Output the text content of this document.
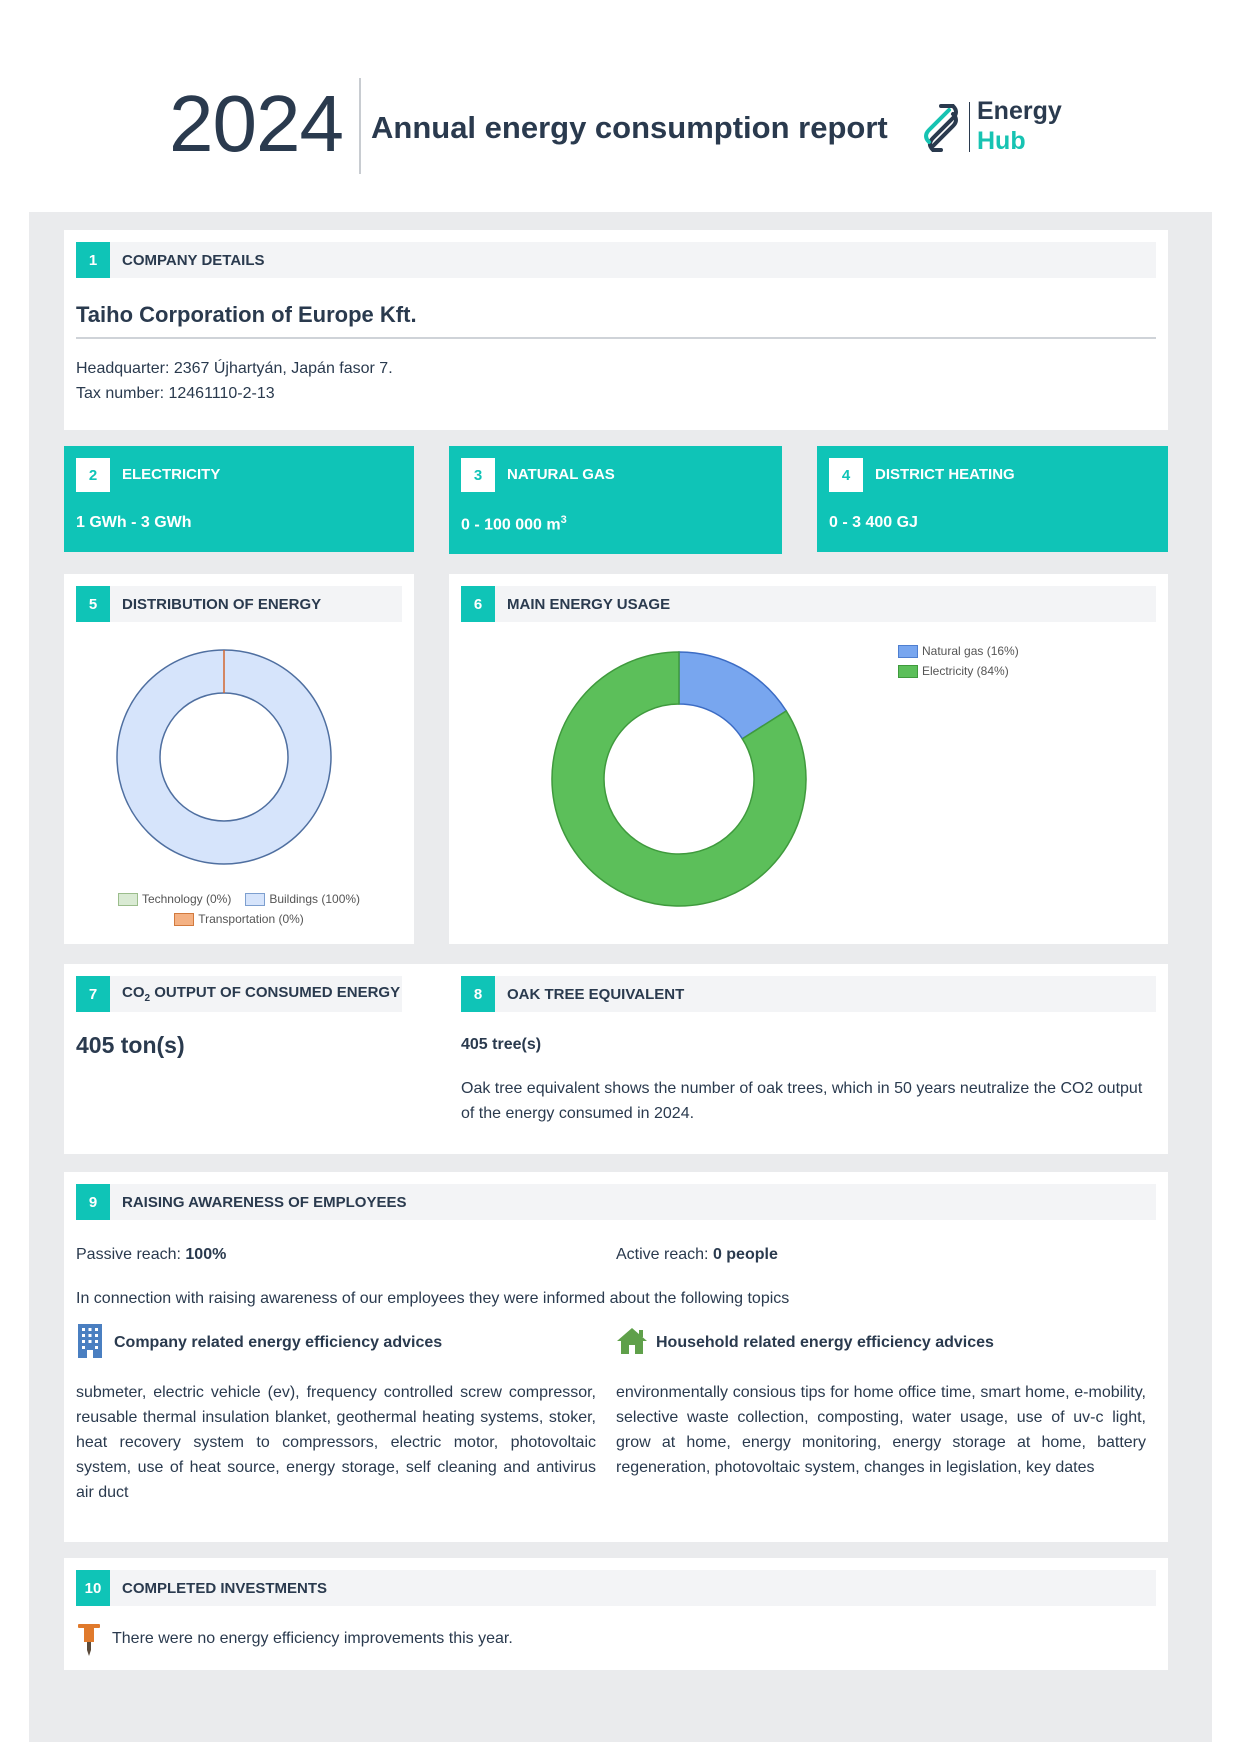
2024 Annual energy consumption report	Energy
Hub
1	COMPANY DETAILS
Taiho Corporation of Europe Kft.
Headquarter: 2367 Újhartyán, Japán fasor 7.
Tax number: 12461110-2-13
2	ELECTRICITY
1 GWh - 3 GWh
3	NATURAL GAS
0 - 100 000 $m^3$
4	DISTRICT HEATING
0 - 3 400 GJ
5	DISTRIBUTION OF ENERGY
Technology (0%)	Buildings (100%)
Transportation (0%)
6	MAIN ENERGY USAGE
Natural gas (16%)
Electricity (84%)
7	$CO_2$ OUTPUT OF CONSUMED ENERGY
405 ton(s)
8	OAK TREE EQUIVALENT
405 tree(s)
Oak tree equivalent shows the number of oak trees, which in 50 years neutralize the CO2 output of the energy consumed in 2024.
9	RAISING AWARENESS OF EMPLOYEES
Passive reach: 100%	Active reach: 0 people
In connection with raising awareness of our employees they were informed about the following topics
Company related energy efficiency advices
submeter, electric vehicle (ev), frequency controlled screw compressor, reusable thermal insulation blanket, geothermal heating systems, stoker, heat recovery system to compressors, electric motor, photovoltaic system, use of heat source, energy storage, self cleaning and antivirus air duct
Household related energy efficiency advices
environmentally consious tips for home office time, smart home, e-mobility, selective waste collection, composting, water usage, use of uv-c light, grow at home, energy monitoring, energy storage at home, battery regeneration, photovoltaic system, changes in legislation, key dates
10	COMPLETED INVESTMENTS
There were no energy efficiency improvements this year.
